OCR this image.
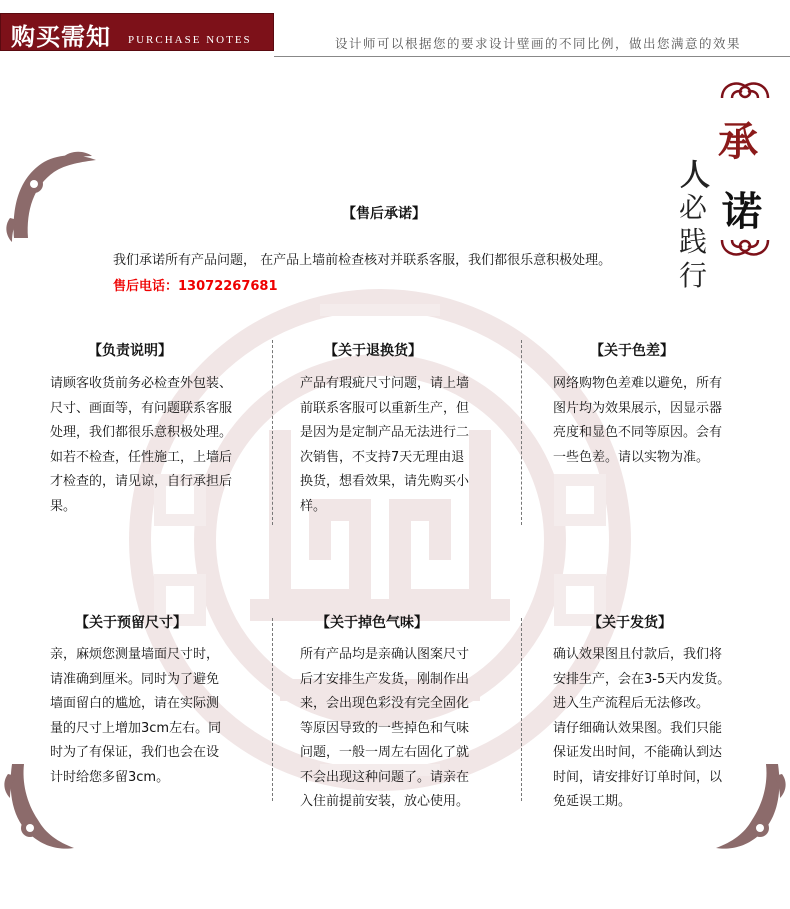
购买需知 PURCHASE NOTES	设计师可以根据您的要求设计壁画的不同比例，做出您满意的效果
承
人
诺
必
践
行
【售后承诺】
我们承诺所有产品问题， 在产品上墙前检查核对并联系客服，我们都很乐意积极处理。
售后电话：13072267681
【负责说明】
请顾客收货前务必检查外包装、
尺寸、画面等，有问题联系客服
处理，我们都很乐意积极处理。
如若不检查，任性施工，上墙后
才检查的，请见谅，自行承担后
果。
【关于退换货】
产品有瑕疵尺寸问题，请上墙
前联系客服可以重新生产，但
是因为是定制产品无法进行二
次销售，不支持7天无理由退
换货，想看效果，请先购买小
样。
【关于色差】
网络购物色差难以避免，所有
图片均为效果展示，因显示器
亮度和显色不同等原因。会有
一些色差。请以实物为准。
【关于预留尺寸】
亲，麻烦您测量墙面尺寸时，
请准确到厘米。同时为了避免
墙面留白的尴尬，请在实际测
量的尺寸上增加3cm左右。同
时为了有保证，我们也会在设
计时给您多留3cm。
【关于掉色气味】
所有产品均是亲确认图案尺寸
后才安排生产发货，刚制作出
来，会出现色彩没有完全固化
等原因导致的一些掉色和气味
问题，一般一周左右固化了就
不会出现这种问题了。请亲在
入住前提前安装，放心使用。
【关于发货】
确认效果图且付款后，我们将
安排生产，会在3-5天内发货。
进入生产流程后无法修改。
请仔细确认效果图。我们只能
保证发出时间，不能确认到达
时间，请安排好订单时间，以
免延误工期。
